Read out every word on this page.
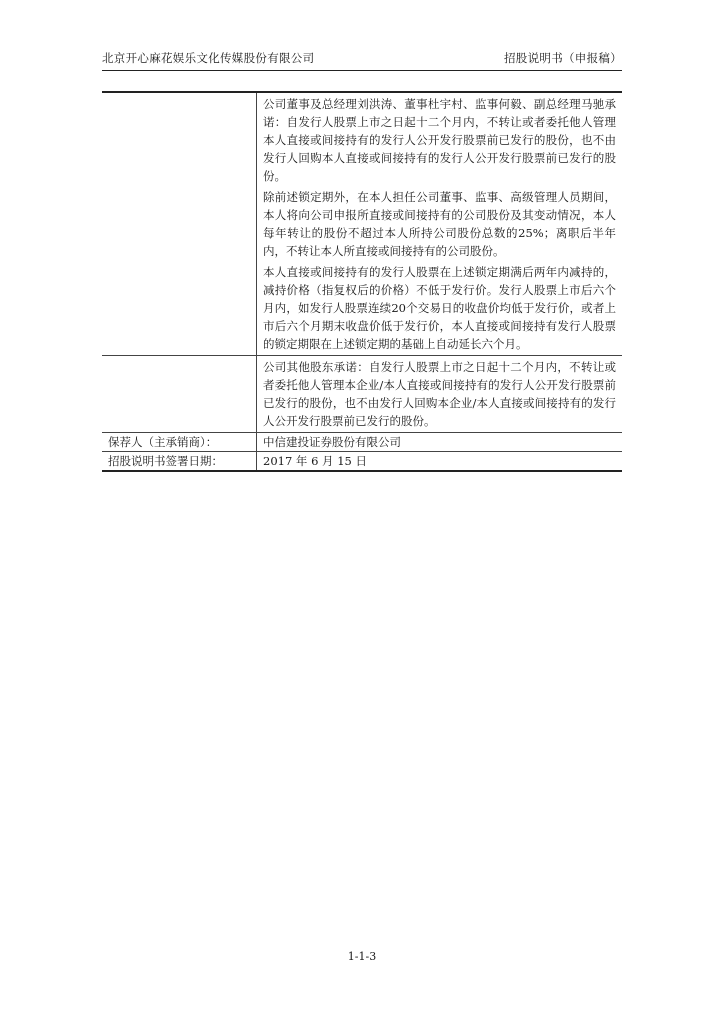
北京开心麻花娱乐文化传媒股份有限公司	招股说明书（申报稿）

	公司董事及总经理刘洪涛、董事杜宇村、监事何毅、副总经理马驰承诺：自发行人股票上市之日起十二个月内，不转让或者委托他人管理本人直接或间接持有的发行人公开发行股票前已发行的股份，也不由发行人回购本人直接或间接持有的发行人公开发行股票前已发行的股份。

除前述锁定期外，在本人担任公司董事、监事、高级管理人员期间，本人将向公司申报所直接或间接持有的公司股份及其变动情况，本人每年转让的股份不超过本人所持公司股份总数的25%；离职后半年内，不转让本人所直接或间接持有的公司股份。

本人直接或间接持有的发行人股票在上述锁定期满后两年内减持的，减持价格（指复权后的价格）不低于发行价。发行人股票上市后六个月内，如发行人股票连续20个交易日的收盘价均低于发行价，或者上市后六个月期末收盘价低于发行价，本人直接或间接持有发行人股票的锁定期限在上述锁定期的基础上自动延长六个月。

	公司其他股东承诺：自发行人股票上市之日起十二个月内，不转让或者委托他人管理本企业/本人直接或间接持有的发行人公开发行股票前已发行的股份，也不由发行人回购本企业/本人直接或间接持有的发行人公开发行股票前已发行的股份。

保荐人（主承销商）：	中信建投证券股份有限公司
招股说明书签署日期：	2017 年 6 月 15 日
1-1-3
